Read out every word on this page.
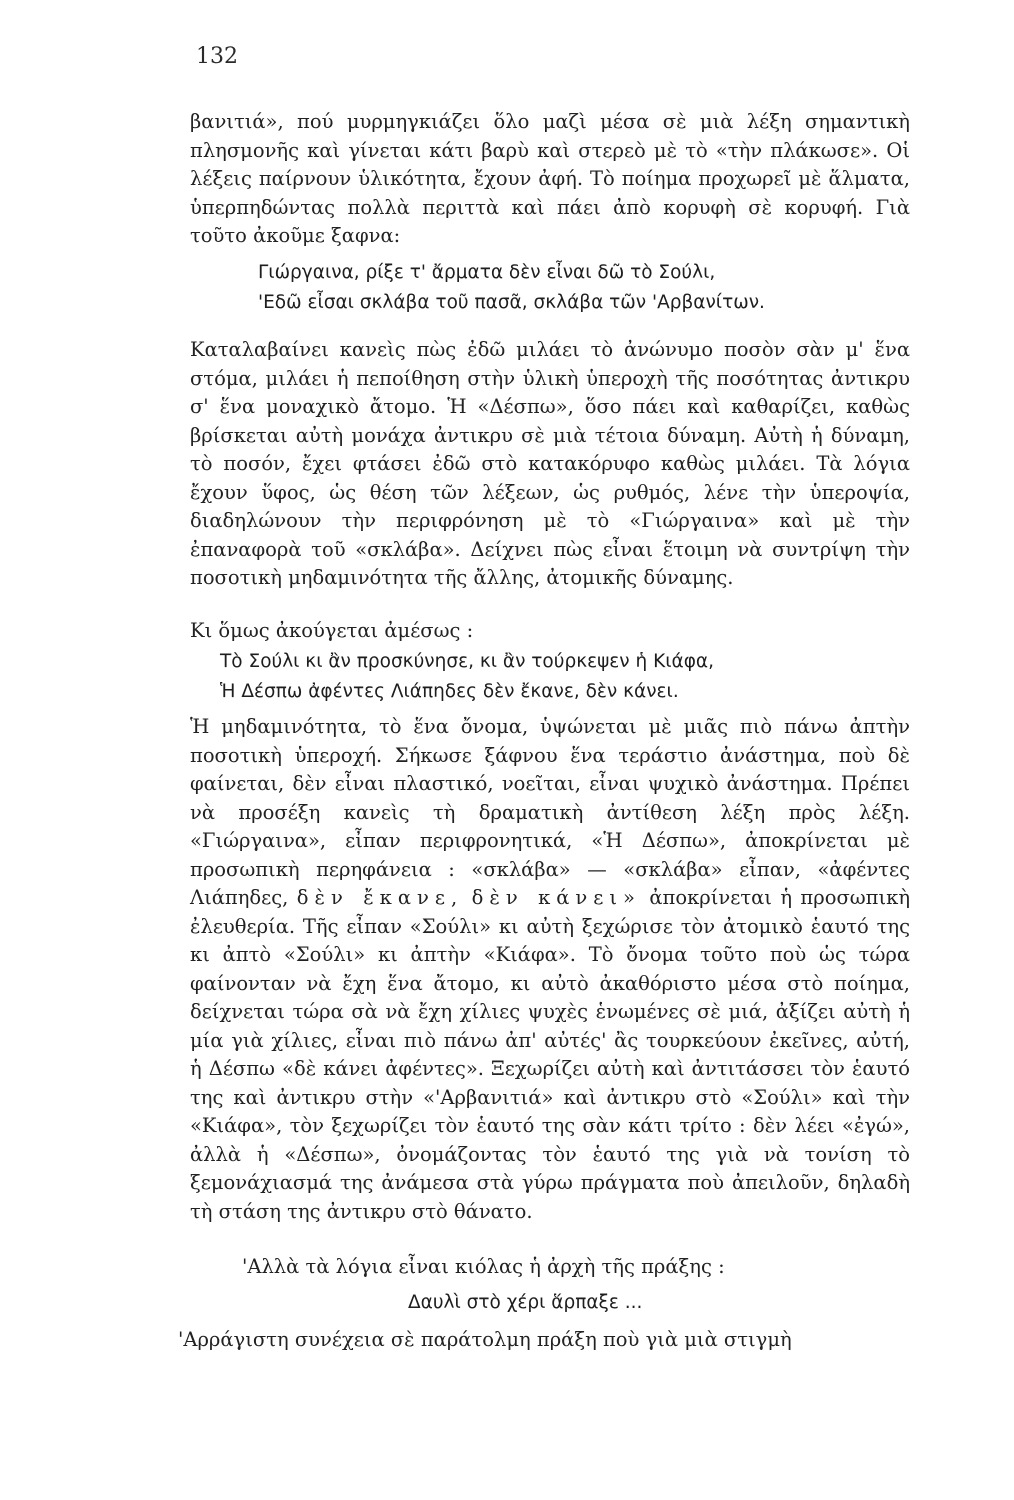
132

βανιτιά», πού μυρμηγκιάζει ὅλο μαζὶ μέσα σὲ μιὰ λέξη σημαντικὴ πλησμονῆς καὶ γίνεται κάτι βαρὺ καὶ στερεὸ μὲ τὸ «τὴν πλάκωσε». Οἱ λέξεις παίρνουν ὑλικότητα, ἔχουν ἀφή. Τὸ ποίημα προχωρεῖ μὲ ἅλματα, ὑπερπηδώντας πολλὰ περιττὰ καὶ πάει ἀπὸ κορυφὴ σὲ κορυφή. Γιὰ τοῦτο ἀκοῦμε ξαφνα:

Γιώργαινα, ρίξε τ' ἄρματα δὲν εἶναι δῶ τὸ Σούλι,
'Εδῶ εἶσαι σκλάβα τοῦ πασᾶ, σκλάβα τῶν 'Αρβανίτων.

Καταλαβαίνει κανεὶς πὼς ἐδῶ μιλάει τὸ ἀνώνυμο ποσὸν σὰν μ' ἕνα στόμα, μιλάει ἡ πεποίθηση στὴν ὑλικὴ ὑπεροχὴ τῆς ποσότητας ἀντικρυ σ' ἕνα μοναχικὸ ἄτομο. Ἡ «Δέσπω», ὅσο πάει καὶ καθαρίζει, καθὼς βρίσκεται αὐτὴ μονάχα ἀντικρυ σὲ μιὰ τέτοια δύναμη. Αὐτὴ ἡ δύναμη, τὸ ποσόν, ἔχει φτάσει ἐδῶ στὸ κατακόρυφο καθὼς μιλάει. Τὰ λόγια ἔχουν ὕφος, ὡς θέση τῶν λέξεων, ὡς ρυθμός, λένε τὴν ὑπεροψία, διαδηλώνουν τὴν περιφρόνηση μὲ τὸ «Γιώργαινα» καὶ μὲ τὴν ἐπαναφορὰ τοῦ «σκλάβα». Δείχνει πὼς εἶναι ἕτοιμη νὰ συντρίψη τὴν ποσοτικὴ μηδαμινότητα τῆς ἄλλης, ἀτομικῆς δύναμης.

Κι ὅμως ἀκούγεται ἀμέσως :

Τὸ Σούλι κι ἂν προσκύνησε, κι ἂν τούρκεψεν ἡ Κιάφα,
Ἡ Δέσπω ἀφέντες Λιάπηδες δὲν ἔκανε, δὲν κάνει.

Ἡ μηδαμινότητα, τὸ ἕνα ὄνομα, ὑψώνεται μὲ μιᾶς πιὸ πάνω ἀπτὴν ποσοτικὴ ὑπεροχή. Σήκωσε ξάφνου ἕνα τεράστιο ἀνάστημα, ποὺ δὲ φαίνεται, δὲν εἶναι πλαστικό, νοεῖται, εἶναι ψυχικὸ ἀνάστημα. Πρέπει νὰ προσέξη κανεὶς τὴ δραματικὴ ἀντίθεση λέξη πρὸς λέξη. «Γιώργαινα», εἶπαν περιφρονητικά, «Ἡ Δέσπω», ἀποκρίνεται μὲ προσωπικὴ περηφάνεια : «σκλάβα» — «σκλάβα» εἶπαν, «ἀφέντες Λιάπηδες, δὲν ἔκανε, δὲν κάνει» ἀποκρίνεται ἡ προσωπικὴ ἐλευθερία. Τῆς εἶπαν «Σούλι» κι αὐτὴ ξεχώρισε τὸν ἀτομικὸ ἑαυτό της κι ἀπτὸ «Σούλι» κι ἀπτὴν «Κιάφα». Τὸ ὄνομα τοῦτο ποὺ ὡς τώρα φαίνονταν νὰ ἔχη ἕνα ἄτομο, κι αὐτὸ ἀκαθόριστο μέσα στὸ ποίημα, δείχνεται τώρα σὰ νὰ ἔχη χίλιες ψυχὲς ἑνωμένες σὲ μιά, ἀξίζει αὐτὴ ἡ μία γιὰ χίλιες, εἶναι πιὸ πάνω ἀπ' αὐτές' ἂς τουρκεύουν ἐκεῖνες, αὐτή, ἡ Δέσπω «δὲ κάνει ἀφέντες». Ξεχωρίζει αὐτὴ καὶ ἀντιτάσσει τὸν ἑαυτό της καὶ ἀντικρυ στὴν «'Αρβανιτιά» καὶ ἀντικρυ στὸ «Σούλι» καὶ τὴν «Κιάφα», τὸν ξεχωρίζει τὸν ἑαυτό της σὰν κάτι τρίτο : δὲν λέει «ἐγώ», ἀλλὰ ἡ «Δέσπω», ὀνομάζοντας τὸν ἑαυτό της γιὰ νὰ τονίση τὸ ξεμονάχιασμά της ἀνάμεσα στὰ γύρω πράγματα ποὺ ἀπειλοῦν, δηλαδὴ τὴ στάση της ἀντικρυ στὸ θάνατο.

'Αλλὰ τὰ λόγια εἶναι κιόλας ἡ ἀρχὴ τῆς πράξης :

Δαυλὶ στὸ χέρι ἅρπαξε ...

'Αρράγιστη συνέχεια σὲ παράτολμη πράξη ποὺ γιὰ μιὰ στιγμὴ
